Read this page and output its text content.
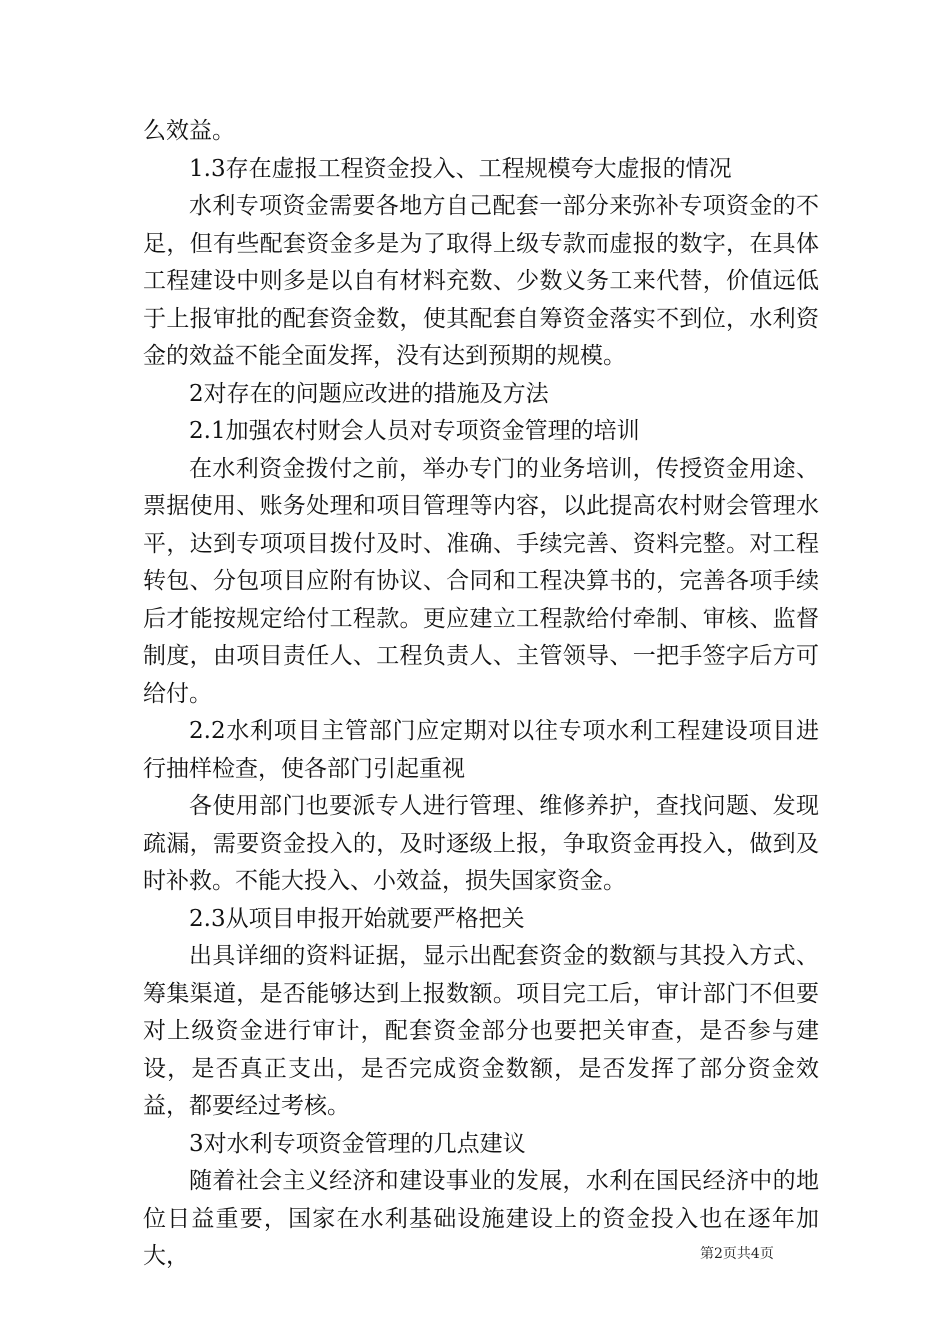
么效益。

1.3存在虚报工程资金投入、工程规模夸大虚报的情况

水利专项资金需要各地方自己配套一部分来弥补专项资金的不足，但有些配套资金多是为了取得上级专款而虚报的数字，在具体工程建设中则多是以自有材料充数、少数义务工来代替，价值远低于上报审批的配套资金数，使其配套自筹资金落实不到位，水利资金的效益不能全面发挥，没有达到预期的规模。

2对存在的问题应改进的措施及方法

2.1加强农村财会人员对专项资金管理的培训

在水利资金拨付之前，举办专门的业务培训，传授资金用途、票据使用、账务处理和项目管理等内容，以此提高农村财会管理水平，达到专项项目拨付及时、准确、手续完善、资料完整。对工程转包、分包项目应附有协议、合同和工程决算书的，完善各项手续后才能按规定给付工程款。更应建立工程款给付牵制、审核、监督制度，由项目责任人、工程负责人、主管领导、一把手签字后方可给付。

2.2水利项目主管部门应定期对以往专项水利工程建设项目进行抽样检查，使各部门引起重视

各使用部门也要派专人进行管理、维修养护，查找问题、发现疏漏，需要资金投入的，及时逐级上报，争取资金再投入，做到及时补救。不能大投入、小效益，损失国家资金。

2.3从项目申报开始就要严格把关

出具详细的资料证据，显示出配套资金的数额与其投入方式、筹集渠道，是否能够达到上报数额。项目完工后，审计部门不但要对上级资金进行审计，配套资金部分也要把关审查，是否参与建设，是否真正支出，是否完成资金数额，是否发挥了部分资金效益，都要经过考核。

3对水利专项资金管理的几点建议

随着社会主义经济和建设事业的发展，水利在国民经济中的地位日益重要，国家在水利基础设施建设上的资金投入也在逐年加大，	第2页共4页
